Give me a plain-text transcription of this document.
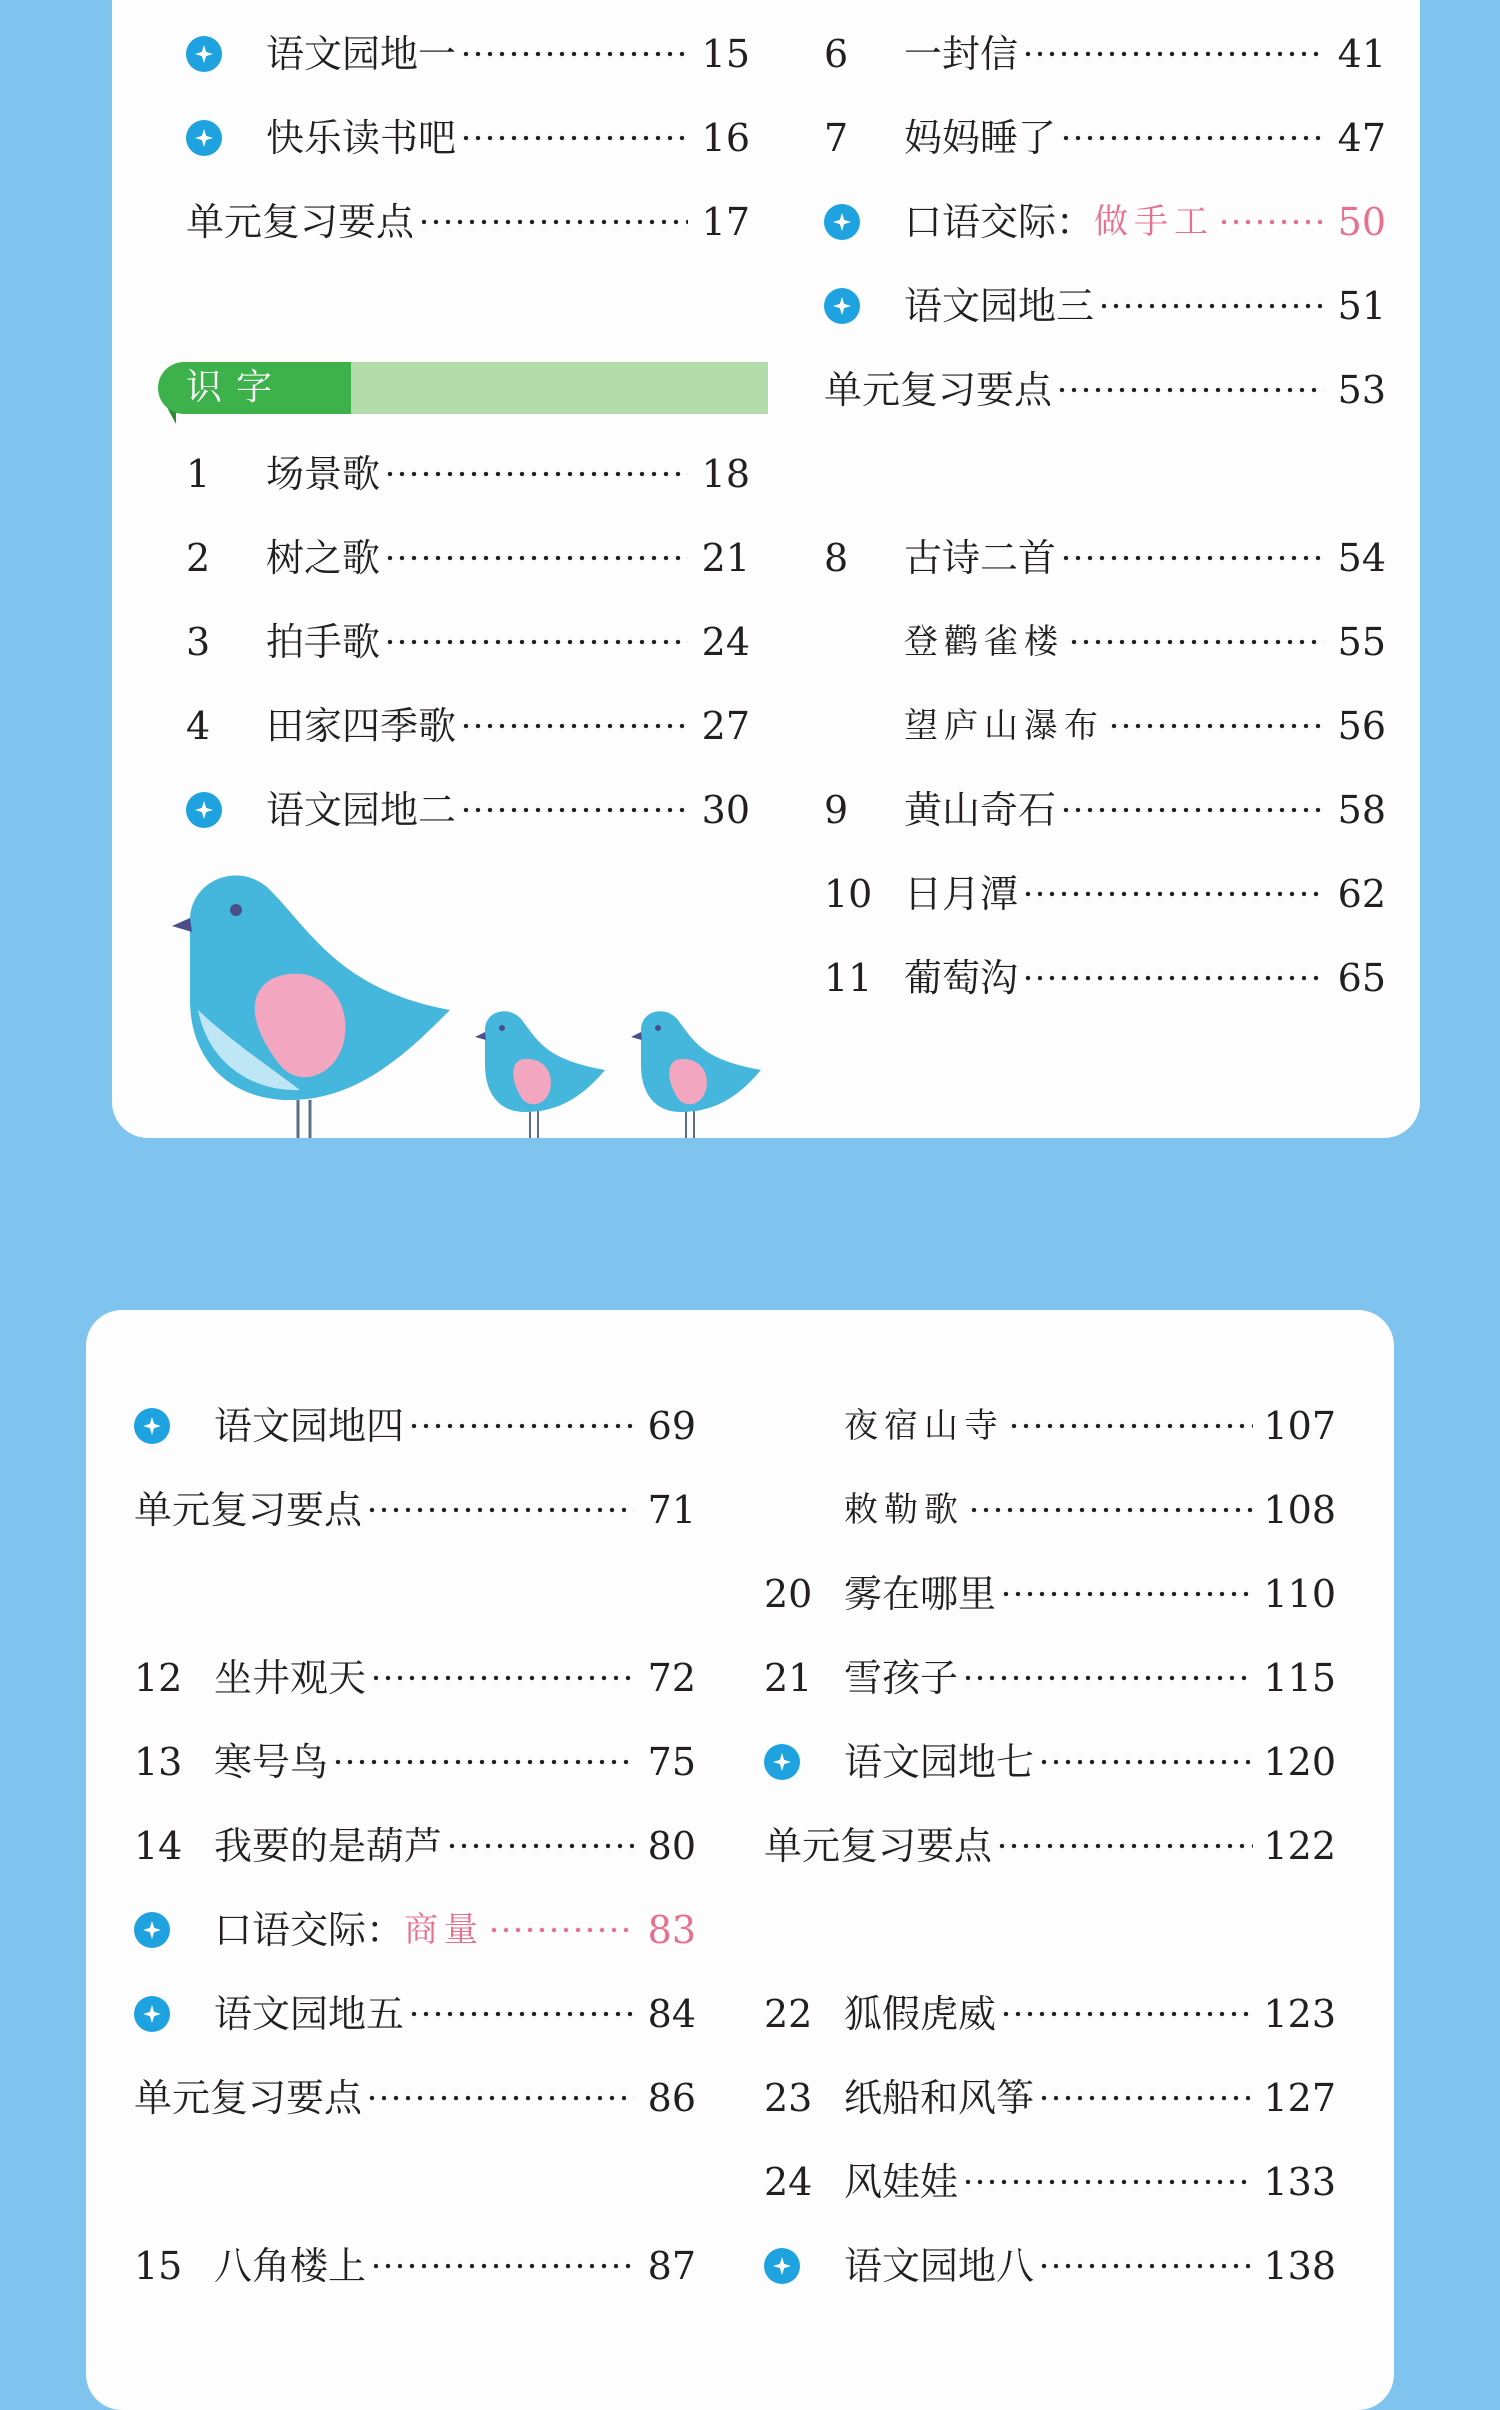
识字
语文园地一	15
快乐读书吧	16
单元复习要点	17
1	场景歌	18
2	树之歌	21
3	拍手歌	24
4	田家四季歌	27
语文园地二	30
6	一封信	41
7	妈妈睡了	47
口语交际： 做手工	50
语文园地三	51
单元复习要点	53
8	古诗二首	54
登鹳雀楼	55
望庐山瀑布	56
9	黄山奇石	58
10 日月潭	62
11 葡萄沟	65
语文园地四	69
单元复习要点	71
12 坐井观天	72
13 寒号鸟	75
14 我要的是葫芦	80
口语交际： 商量	83
语文园地五	84
单元复习要点	86
15 八角楼上	87
夜宿山寺	107
敕勒歌	108
20 雾在哪里	110
21 雪孩子	115
语文园地七	120
单元复习要点	122
22 狐假虎威	123
23 纸船和风筝	127
24 风娃娃	133
语文园地八	138
